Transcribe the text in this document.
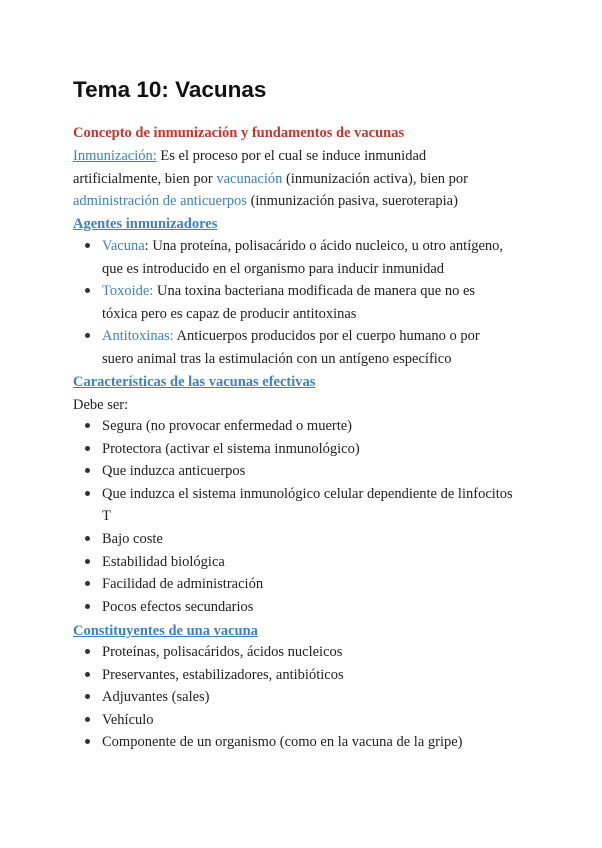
Tema 10: Vacunas
Concepto de inmunización y fundamentos de vacunas

Inmunización: Es el proceso por el cual se induce inmunidad artificialmente, bien por vacunación (inmunización activa), bien por administración de anticuerpos (inmunización pasiva, sueroterapia)

Agentes inmunizadores
Vacuna: Una proteína, polisacárido o ácido nucleico, u otro antígeno, que es introducido en el organismo para inducir inmunidad
Toxoide: Una toxina bacteriana modificada de manera que no es tóxica pero es capaz de producir antitoxinas
Antitoxinas: Anticuerpos producidos por el cuerpo humano o por suero animal tras la estimulación con un antígeno específico
Características de las vacunas efectivas

Debe ser:

Segura (no provocar enfermedad o muerte)
Protectora (activar el sistema inmunológico)
Que induzca anticuerpos
Que induzca el sistema inmunológico celular dependiente de linfocitos T
Bajo coste
Estabilidad biológica
Facilidad de administración
Pocos efectos secundarios
Constituyentes de una vacuna
Proteínas, polisacáridos, ácidos nucleicos
Preservantes, estabilizadores, antibióticos
Adjuvantes (sales)
Vehículo
Componente de un organismo (como en la vacuna de la gripe)
